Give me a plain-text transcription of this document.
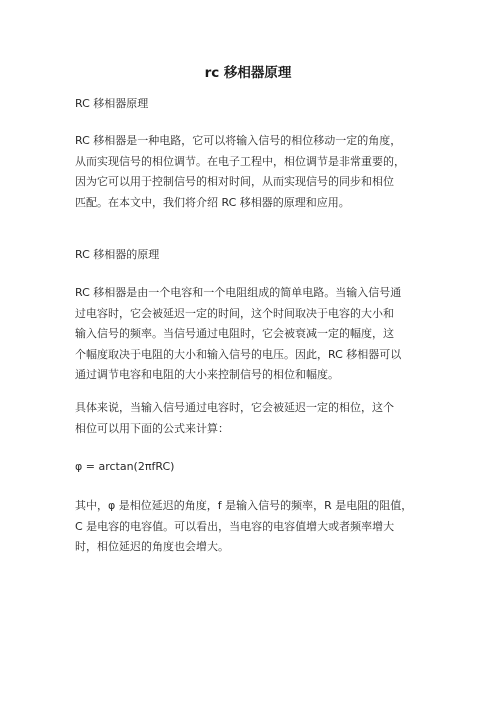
rc 移相器原理

RC 移相器原理

RC 移相器是一种电路，它可以将输入信号的相位移动一定的角度，
从而实现信号的相位调节。在电子工程中，相位调节是非常重要的，
因为它可以用于控制信号的相对时间，从而实现信号的同步和相位
匹配。在本文中，我们将介绍 RC 移相器的原理和应用。

RC 移相器的原理

RC 移相器是由一个电容和一个电阻组成的简单电路。当输入信号通
过电容时，它会被延迟一定的时间，这个时间取决于电容的大小和
输入信号的频率。当信号通过电阻时，它会被衰减一定的幅度，这
个幅度取决于电阻的大小和输入信号的电压。因此，RC 移相器可以
通过调节电容和电阻的大小来控制信号的相位和幅度。

具体来说，当输入信号通过电容时，它会被延迟一定的相位，这个
相位可以用下面的公式来计算：

φ = arctan(2πfRC)

其中，φ 是相位延迟的角度，f 是输入信号的频率，R 是电阻的阻值，
C 是电容的电容值。可以看出，当电容的电容值增大或者频率增大
时，相位延迟的角度也会增大。
